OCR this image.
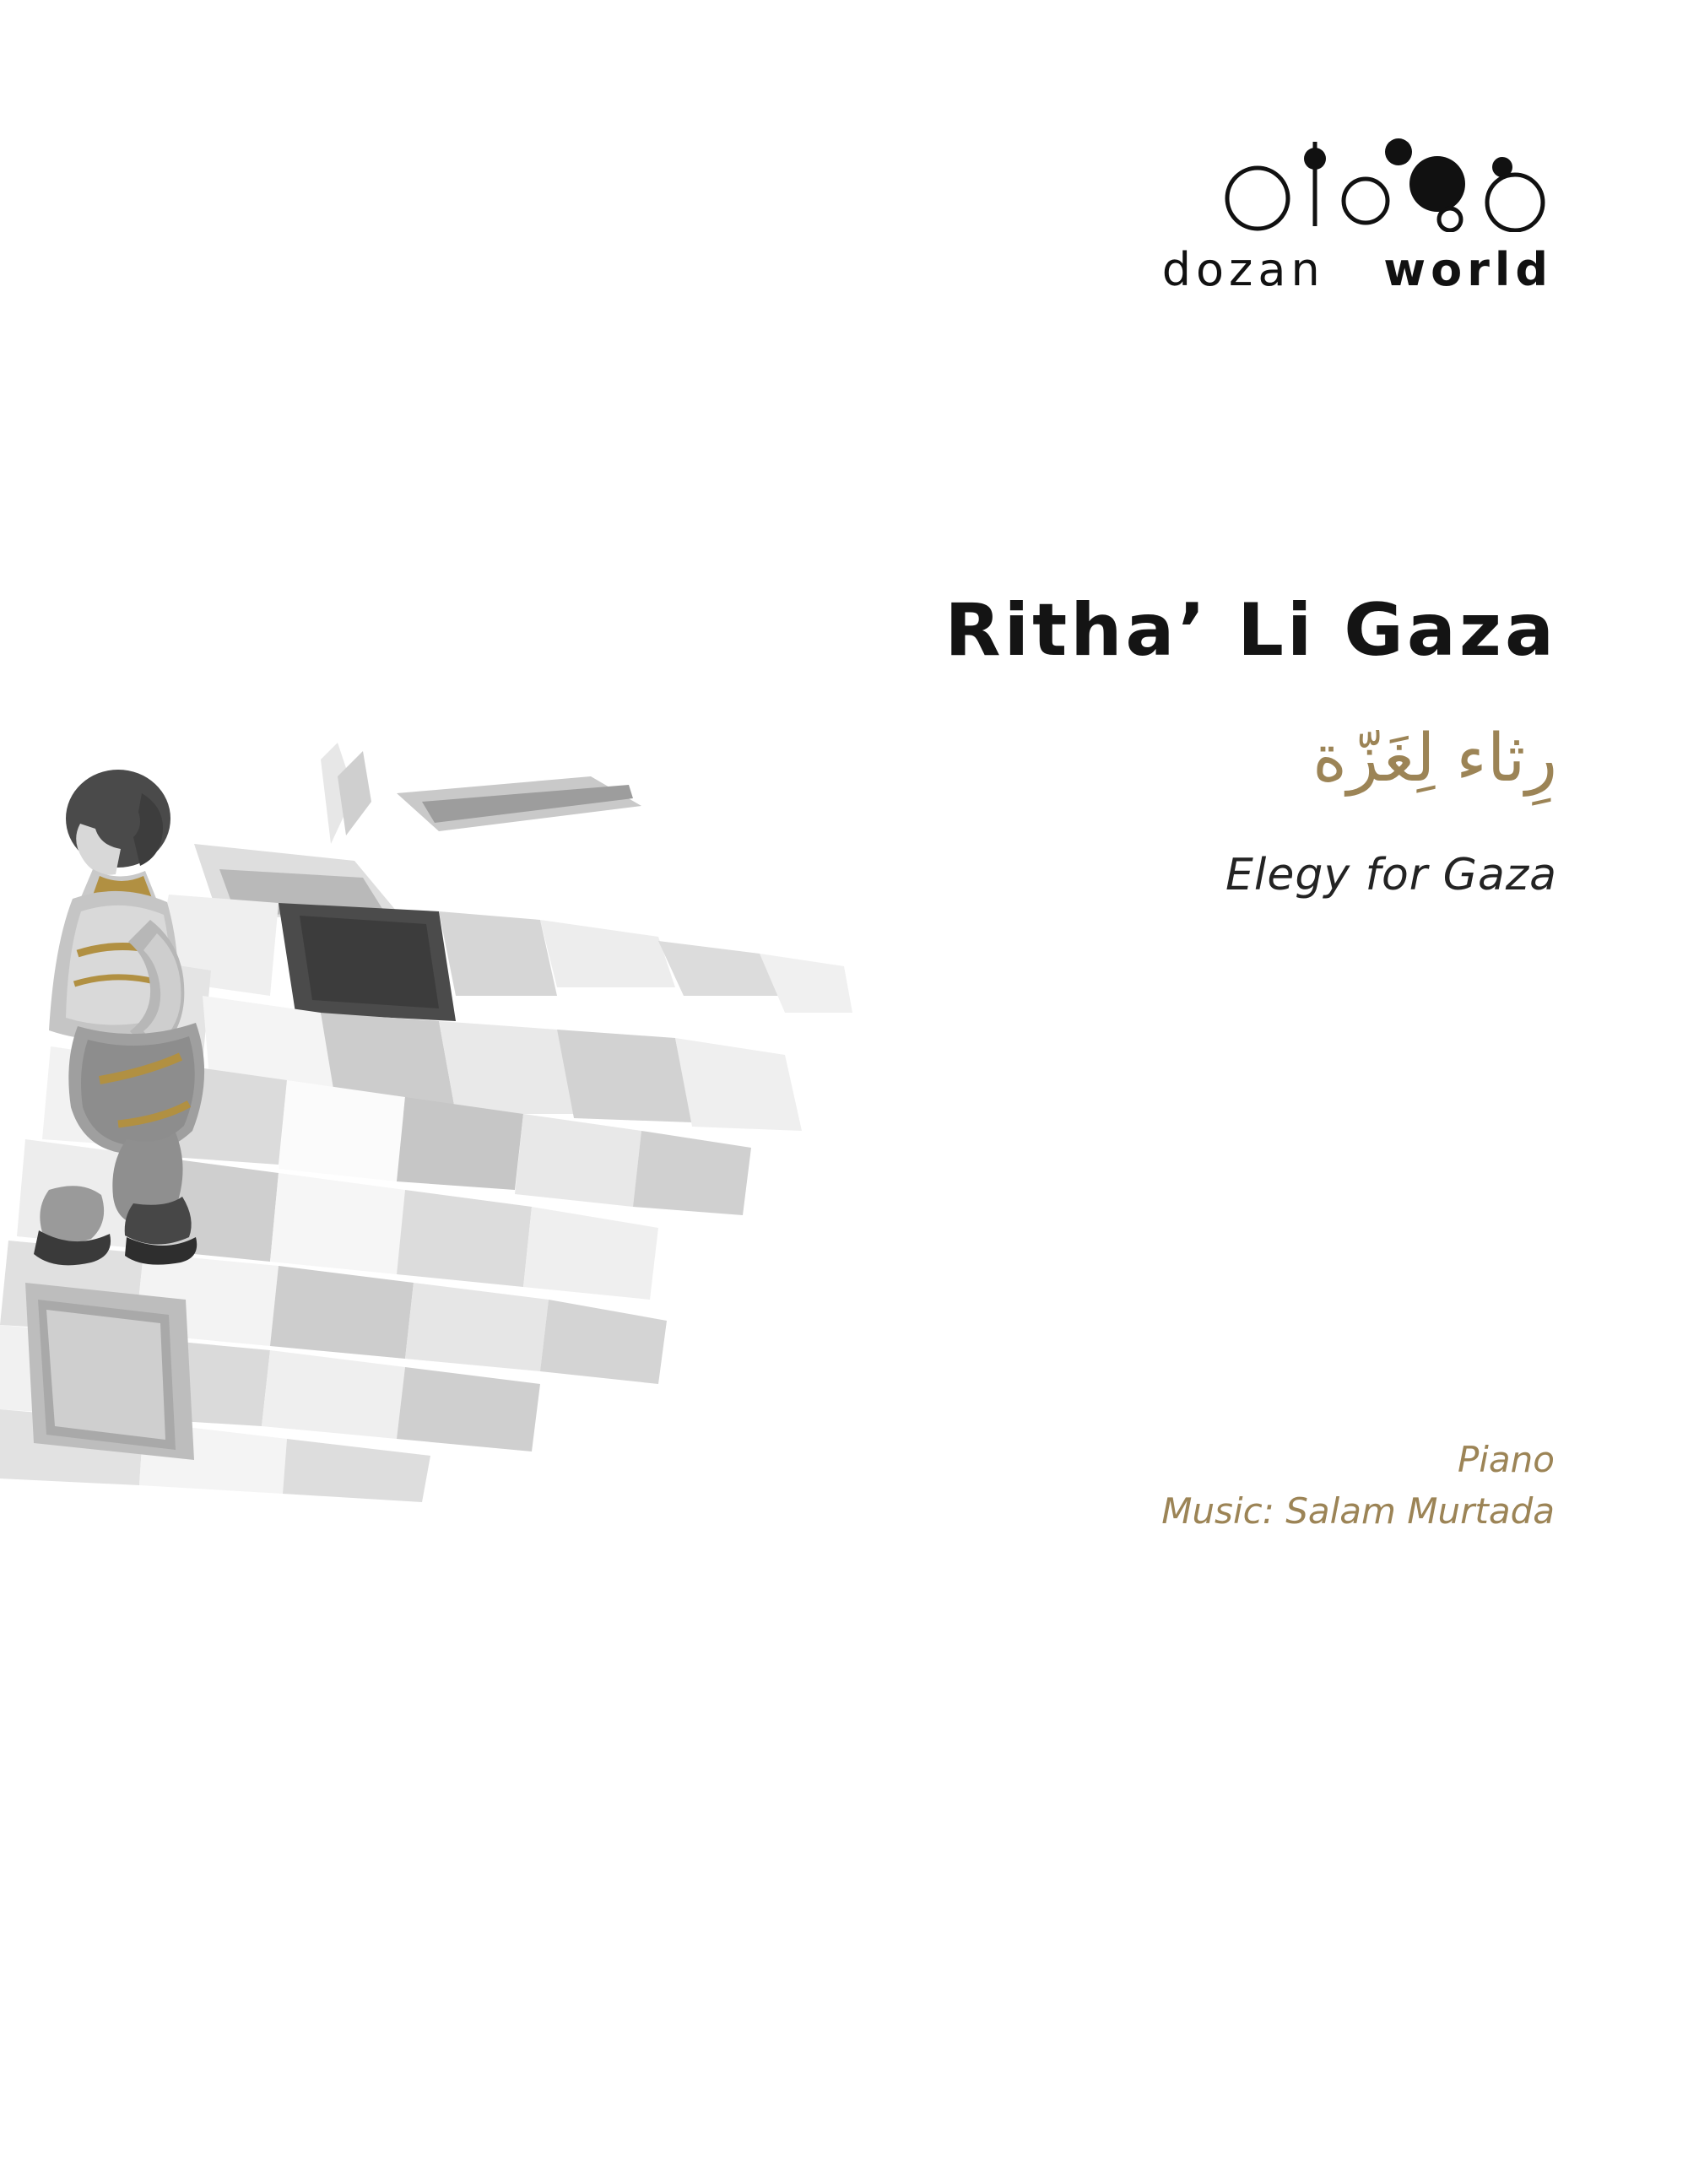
dozan world
Ritha’ Li Gaza
رِثاء لِغَزّة
Elegy for Gaza
Piano
Music: Salam Murtada
